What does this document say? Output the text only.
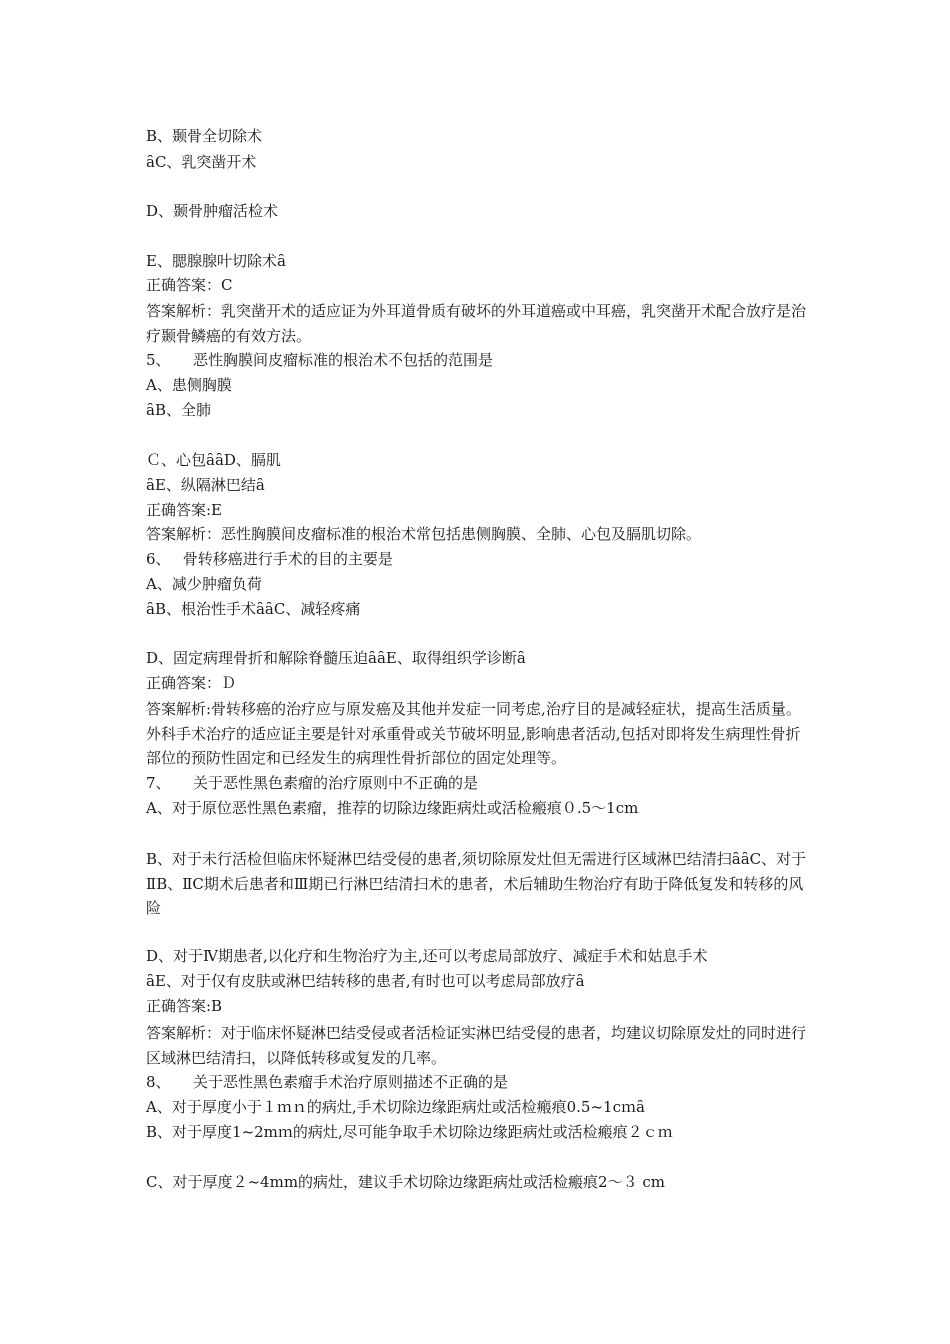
B、颞骨全切除术
ȃC、乳突凿开术
D、颞骨肿瘤活检术
E、腮腺腺叶切除术ȃ
正确答案：C
答案解析：乳突凿开术的适应证为外耳道骨质有破坏的外耳道癌或中耳癌，乳突凿开术配合放疗是治疗颞骨鳞癌的有效方法。
5、　　恶性胸膜间皮瘤标准的根治术不包括的范围是
A、患侧胸膜
ȃB、全肺
Ｃ、心包ȃȃD、膈肌
ȃE、纵隔淋巴结ȃ
正确答案:E
答案解析：恶性胸膜间皮瘤标准的根治术常包括患侧胸膜、全肺、心包及膈肌切除。
6、　 骨转移癌进行手术的目的主要是
A、减少肿瘤负荷
ȃB、根治性手术ȃȃC、减轻疼痛
D、固定病理骨折和解除脊髓压迫ȃȃE、取得组织学诊断ȃ
正确答案：Ｄ
答案解析:骨转移癌的治疗应与原发癌及其他并发症一同考虑,治疗目的是减轻症状，提高生活质量。外科手术治疗的适应证主要是针对承重骨或关节破坏明显,影响患者活动,包括对即将发生病理性骨折部位的预防性固定和已经发生的病理性骨折部位的固定处理等。
7、　　关于恶性黑色素瘤的治疗原则中不正确的是
A、对于原位恶性黑色素瘤，推荐的切除边缘距病灶或活检瘢痕０.5～1cm
B、对于未行活检但临床怀疑淋巴结受侵的患者,须切除原发灶但无需进行区域淋巴结清扫ȃȃC、对于ⅡB、ⅡC期术后患者和Ⅲ期已行淋巴结清扫术的患者，术后辅助生物治疗有助于降低复发和转移的风险
D、对于Ⅳ期患者,以化疗和生物治疗为主,还可以考虑局部放疗、减症手术和姑息手术
ȃE、对于仅有皮肤或淋巴结转移的患者,有时也可以考虑局部放疗ȃ
正确答案:B
答案解析：对于临床怀疑淋巴结受侵或者活检证实淋巴结受侵的患者，均建议切除原发灶的同时进行区域淋巴结清扫，以降低转移或复发的几率。
8、　　关于恶性黑色素瘤手术治疗原则描述不正确的是
A、对于厚度小于１ｍｎ的病灶,手术切除边缘距病灶或活检瘢痕0.5~1cｍȃ
B、对于厚度1~2mｍ的病灶,尽可能争取手术切除边缘距病灶或活检瘢痕２ｃｍ
C、对于厚度２~4mm的病灶，建议手术切除边缘距病灶或活检瘢痕2～３ cm
